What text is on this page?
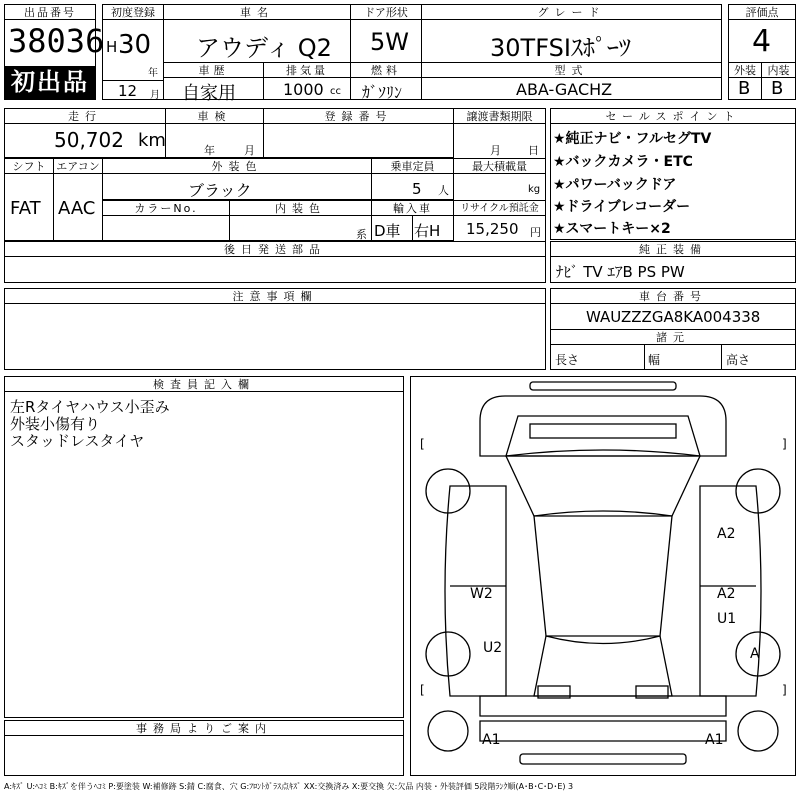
出品番号
38036
初出品
初度登録
H 30
年
12 月
車名
アウディ Q2
ドア形状
5W
グレード
30TFSIｽﾎﾟｰﾂ
車歴
自家用
排気量
1000 cc
燃料
ｶﾞｿﾘﾝ
型式
ABA-GACHZ
評価点
4
外装	内装
B B
走行
50,702 km
車検
年	月
登録番号	譲渡書類期限
月 日
シフト
FAT
エアコン
AAC
外装色
ブラック
カラーNo.	内装色
系
乗車定員
5 人
最大積載量
kg
輸入車
D車 右H
リサイクル預託金
15,250 円
後日発送部品
セールスポイント
★純正ナビ・フルセグTV
★バックカメラ・ETC
★パワーバックドア
★ドライブレコーダー
★スマートキー×2
純正装備
ﾅﾋﾞ TV ｴｱB PS PW
注意事項欄	車台番号
WAUZZZGA8KA004338
諸元
長さ	幅	高さ
検査員記入欄
左Rタイヤハウス小歪み
外装小傷有り
スタッドレスタイヤ
事務局よりご案内
[	]
[	]
A2
W2	A2
U1
U2	A
A1	A1
A:ｷｽﾞ U:ﾍｺﾐ B:ｷｽﾞを伴うﾍｺﾐ P:要塗装 W:補修跡 S:錆 C:腐食、穴 G:ﾌﾛﾝﾄｶﾞﾗｽ点ｷｽﾞ XX:交換済み X:要交換 欠:欠品 内装・外装評価 5段階ﾗﾝｸ順(A･B･C･D･E) 3
